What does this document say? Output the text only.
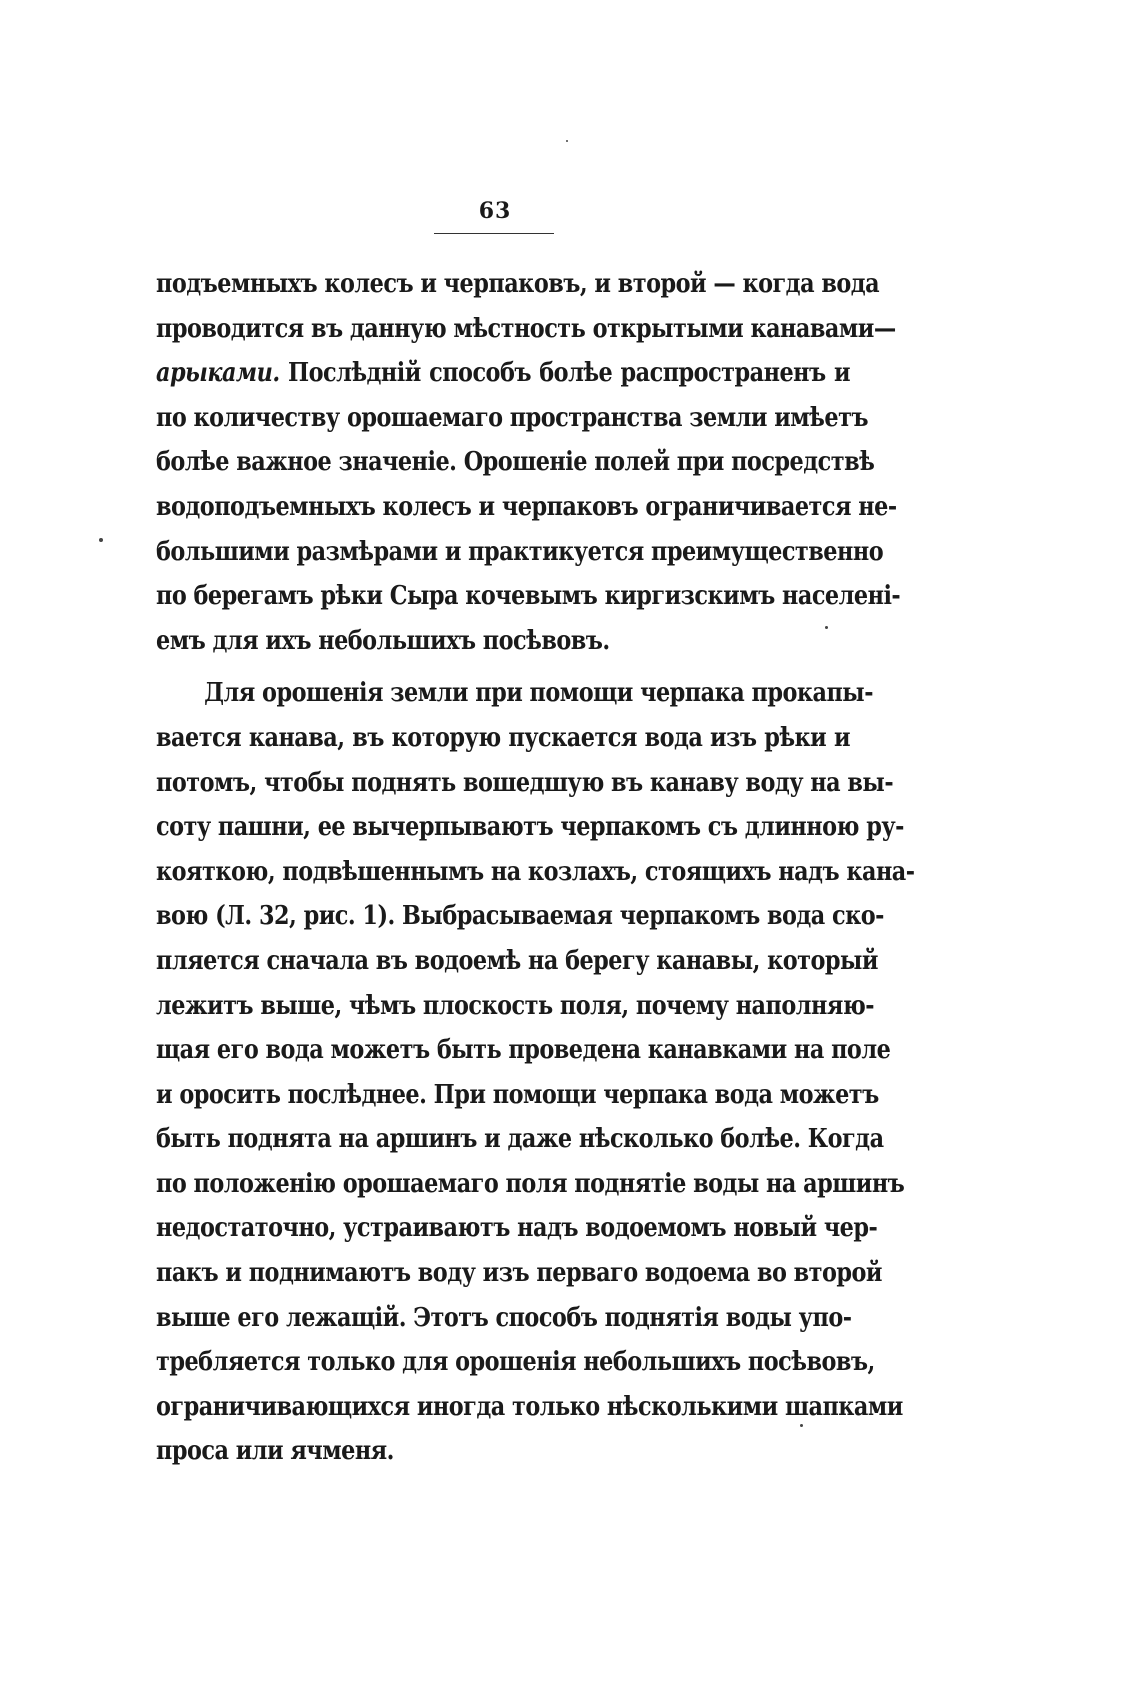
63
подъемныхъ колесъ и черпаковъ, и второй — когда вода
проводится въ данную мѣстность открытыми канавами—
арыками. Послѣдній способъ болѣе распространенъ и
по количеству орошаемаго пространства земли имѣетъ
болѣе важное значеніе. Орошеніе полей при посредствѣ
водоподъемныхъ колесъ и черпаковъ ограничивается не-
большими размѣрами и практикуется преимущественно
по берегамъ рѣки Сыра кочевымъ киргизскимъ населені-
емъ для ихъ небольшихъ посѣвовъ.
Для орошенія земли при помощи черпака прокапы-
вается канава, въ которую пускается вода изъ рѣки и
потомъ, чтобы поднять вошедшую въ канаву воду на вы-
соту пашни, ее вычерпываютъ черпакомъ съ длинною ру-
кояткою, подвѣшеннымъ на козлахъ, стоящихъ надъ кана-
вою (Л. 32, рис. 1). Выбрасываемая черпакомъ вода ско-
пляется сначала въ водоемѣ на берегу канавы, который
лежитъ выше, чѣмъ плоскость поля, почему наполняю-
щая его вода можетъ быть проведена канавками на поле
и оросить послѣднее. При помощи черпака вода можетъ
быть поднята на аршинъ и даже нѣсколько болѣе. Когда
по положенію орошаемаго поля поднятіе воды на аршинъ
недостаточно, устраиваютъ надъ водоемомъ новый чер-
пакъ и поднимаютъ воду изъ перваго водоема во второй
выше его лежащій. Этотъ способъ поднятія воды упо-
требляется только для орошенія небольшихъ посѣвовъ,
ограничивающихся иногда только нѣсколькими шапками
проса или ячменя.
